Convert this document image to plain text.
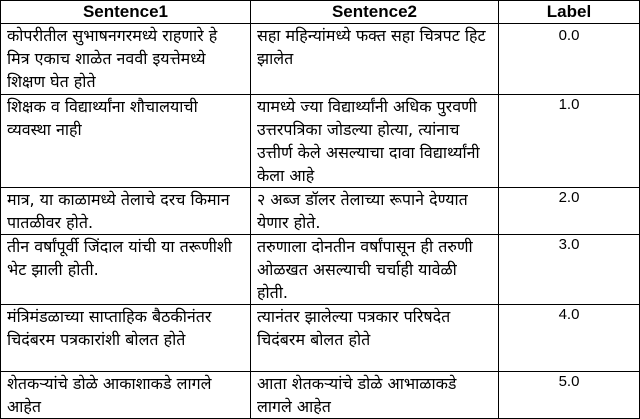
Sentence1	Sentence2	Label
कोपरीतील सुभाषनगरमध्ये राहणारे हे मित्र एकाच शाळेत नववी इयत्तेमध्ये शिक्षण घेत होते	सहा महिन्यांमध्ये फक्त सहा चित्रपट हिट झालेत	0.0
शिक्षक व विद्यार्थ्यांना शौचालयाची व्यवस्था नाही	यामध्ये ज्या विद्यार्थ्यांनी अधिक पुरवणी उत्तरपत्रिका जोडल्या होत्या, त्यांनाच उत्तीर्ण केले असल्याचा दावा विद्यार्थ्यांनी केला आहे	1.0
मात्र, या काळामध्ये तेलाचे दरच किमान पातळीवर होते.	२ अब्ज डॉलर तेलाच्या रूपाने देण्यात येणार होते.	2.0
तीन वर्षांपूर्वी जिंदाल यांची या तरूणीशी भेट झाली होती.	तरुणाला दोनतीन वर्षांपासून ही तरुणी ओळखत असल्याची चर्चाही यावेळी होती.	3.0
मंत्रिमंडळाच्या साप्ताहिक बैठकीनंतर चिदंबरम पत्रकारांशी बोलत होते	त्यानंतर झालेल्या पत्रकार परिषदेत चिदंबरम बोलत होते	4.0
शेतकऱ्यांचे डोळे आकाशाकडे लागले आहेत	आता शेतकऱ्यांचे डोळे आभाळाकडे लागले आहेत	5.0
